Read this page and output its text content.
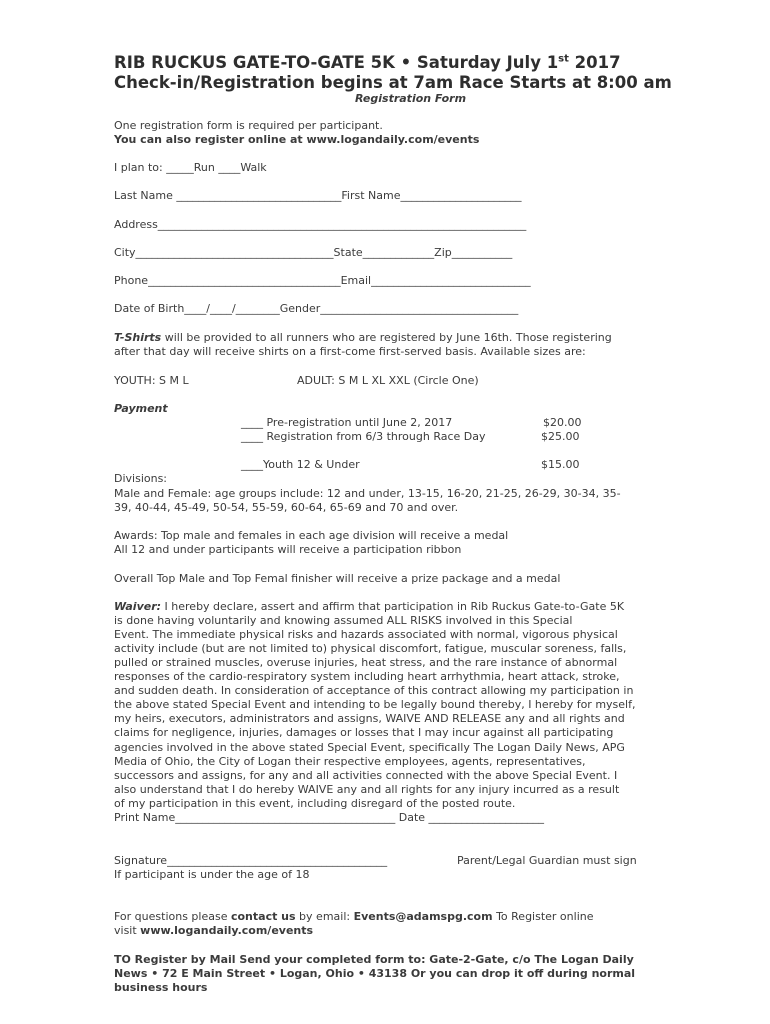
RIB RUCKUS GATE-TO-GATE 5K • Saturday July 1st 2017
Check-in/Registration begins at 7am Race Starts at 8:00 am
Registration Form
One registration form is required per participant.
You can also register online at www.logandaily.com/events
I plan to: _____Run ____Walk
Last Name ______________________________First Name______________________
Address___________________________________________________________________
City____________________________________State_____________Zip___________
Phone___________________________________Email_____________________________
Date of Birth____/____/________Gender____________________________________
T-Shirts will be provided to all runners who are registered by June 16th. Those registering
after that day will receive shirts on a first-come first-served basis. Available sizes are:
YOUTH: S M L	ADULT: S M L XL XXL (Circle One)
Payment
____ Pre-registration until June 2, 2017	$20.00
____ Registration from 6/3 through Race Day	$25.00
____Youth 12 & Under	$15.00
Divisions:
Male and Female: age groups include: 12 and under, 13-15, 16-20, 21-25, 26-29, 30-34, 35-
39, 40-44, 45-49, 50-54, 55-59, 60-64, 65-69 and 70 and over.
Awards: Top male and females in each age division will receive a medal
All 12 and under participants will receive a participation ribbon
Overall Top Male and Top Femal finisher will receive a prize package and a medal
Waiver: I hereby declare, assert and affirm that participation in Rib Ruckus Gate-to-Gate 5K
is done having voluntarily and knowing assumed ALL RISKS involved in this Special
Event. The immediate physical risks and hazards associated with normal, vigorous physical
activity include (but are not limited to) physical discomfort, fatigue, muscular soreness, falls,
pulled or strained muscles, overuse injuries, heat stress, and the rare instance of abnormal
responses of the cardio-respiratory system including heart arrhythmia, heart attack, stroke,
and sudden death. In consideration of acceptance of this contract allowing my participation in
the above stated Special Event and intending to be legally bound thereby, I hereby for myself,
my heirs, executors, administrators and assigns, WAIVE AND RELEASE any and all rights and
claims for negligence, injuries, damages or losses that I may incur against all participating
agencies involved in the above stated Special Event, specifically The Logan Daily News, APG
Media of Ohio, the City of Logan their respective employees, agents, representatives,
successors and assigns, for any and all activities connected with the above Special Event. I
also understand that I do hereby WAIVE any and all rights for any injury incurred as a result
of my participation in this event, including disregard of the posted route.
Print Name________________________________________ Date _____________________
Signature________________________________________	Parent/Legal Guardian must sign
If participant is under the age of 18
For questions please contact us by email: Events@adamspg.com To Register online
visit www.logandaily.com/events
TO Register by Mail Send your completed form to: Gate-2-Gate, c/o The Logan Daily
News • 72 E Main Street • Logan, Ohio • 43138 Or you can drop it off during normal
business hours
